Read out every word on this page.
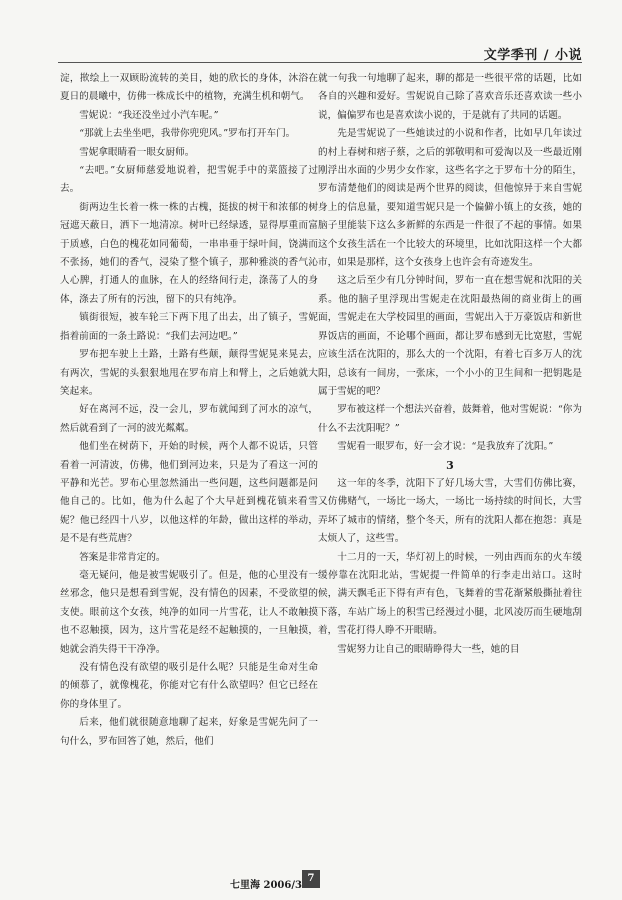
文学季刊 / 小说

淀，揿绘上一双顾盼流转的美目，她的欣长的身体，沐浴在夏日的晨曦中，仿佛一株成长中的植物，充满生机和朝气。

雪妮说：“我还没坐过小汽车呢。”

“那就上去坐坐吧，我带你兜兜风。”罗布打开车门。

雪妮拿眼睛看一眼女厨师。

“去吧。”女厨师慈爱地说着，把雪妮手中的菜篮接了过去。

街两边生长着一株一株的古槐，挺拔的树干和浓郁的树冠遮天蔽日，洒下一地清凉。树叶已经绿透，显得厚重而富于质感，白色的槐花如同葡萄，一串串垂于绿叶间，饶满而不张扬，她们的香气，浸染了整个镇子，那种雅淡的香气沁人心脾，打通人的血脉，在人的经络间行走，涤荡了人的身体，涤去了所有的污浊，留下的只有纯净。

镇街很短，被车轮三下两下甩了出去，出了镇子，雪妮指着前面的一条土路说：“我们去河边吧。”

罗布把车驶上土路，土路有些颠，颠得雪妮晃来晃去，有两次，雪妮的头狠狠地甩在罗布肩上和臂上，之后她就大笑起来。

好在离河不远，没一会儿，罗布就闻到了河水的凉气，然后就看到了一河的波光粼粼。

他们坐在树荫下，开始的时候，两个人都不说话，只管看着一河清波，仿佛，他们到河边来，只是为了看这一河的平静和光芒。罗布心里忽然涌出一些问题，这些问题都是问他自己的。比如，他为什么起了个大早赶到槐花镇来看雪妮？他已经四十八岁，以他这样的年龄，做出这样的举动，是不是有些荒唐？

答案是非常肯定的。

毫无疑问，他是被雪妮吸引了。但是，他的心里没有一丝邪念，他只是想看到雪妮，没有情色的因素，不受欲望的支使。眼前这个女孩，纯净的如同一片雪花，让人不敢触摸也不忍触摸，因为，这片雪花是经不起触摸的，一旦触摸，她就会消失得干干净净。

没有情色没有欲望的吸引是什么呢？只能是生命对生命的倾慕了，就像槐花，你能对它有什么欲望吗？但它已经在你的身体里了。

后来，他们就很随意地聊了起来，好象是雪妮先问了一句什么，罗布回答了她，然后，他们

就一句我一句地聊了起来，聊的都是一些很平常的话题，比如各自的兴趣和爱好。雪妮说自己除了喜欢音乐还喜欢读一些小说，偏偏罗布也是喜欢读小说的，于是就有了共同的话题。

先是雪妮说了一些她读过的小说和作者，比如早几年读过的村上春树和痞子蔡，之后的郭敬明和可爱淘以及一些最近刚刚浮出水面的少男少女作家，这些名字之于罗布十分的陌生，罗布清楚他们的阅读是两个世界的阅读，但他惊异于来自雪妮身上的信息量，要知道雪妮只是一个偏僻小镇上的女孩，她的脑子里能装下这么多新鲜的东西是一件很了不起的事情。如果这个女孩生活在一个比较大的环境里，比如沈阳这样一个大都市，如果是那样，这个女孩身上也许会有奇迹发生。

这之后至少有几分钟时间，罗布一直在想雪妮和沈阳的关系。他的脑子里浮现出雪妮走在沈阳最热闹的商业街上的画面，雪妮走在大学校园里的画面，雪妮出入于万豪饭店和新世界饭店的画面，不论哪个画面，都让罗布感到无比宽慰，雪妮应该生活在沈阳的，那么大的一个沈阳，有着七百多万人的沈阳，总该有一间房，一张床，一个小小的卫生间和一把钥匙是属于雪妮的吧？

罗布被这样一个想法兴奋着，鼓舞着，他对雪妮说：“你为什么不去沈阳呢？”

雪妮看一眼罗布，好一会才说：“是我放弃了沈阳。”

3

这一年的冬季，沈阳下了好几场大雪，大雪们仿佛比赛，又仿佛赌气，一场比一场大，一场比一场持续的时间长，大雪弄坏了城市的情绪，整个冬天，所有的沈阳人都在抱怨：真是太烦人了，这些雪。

十二月的一天，华灯初上的时候，一列由西而东的火车缓缓停靠在沈阳北站，雪妮提一件简单的行李走出站口。这时候，满天飘毛正下得有声有色，飞舞着的雪花渐紧般撕扯着往下落，车站广场上的积雪已经漫过小腿，北风凌厉而生硬地刮着，雪花打得人睁不开眼睛。

雪妮努力让自己的眼睛睁得大一些，她的目

七里海 2006/3
7
